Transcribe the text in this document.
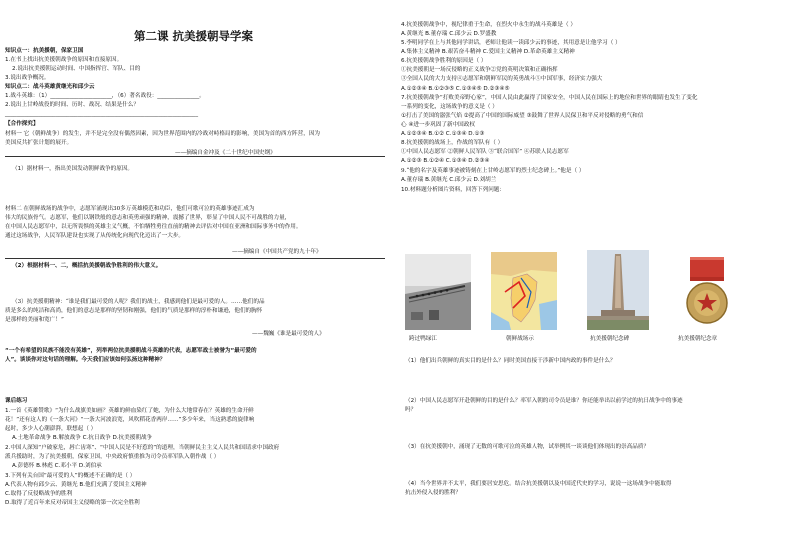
第二课 抗美援朝导学案
知识点一：抗美援朝，保家卫国
1.在书上找出抗美援朝战争的原因和直接原因。
2.说出抗美援朝运动时间、中国指挥官、军队、目的
3.说出战争概况。
知识点二：战斗英雄黄继光和邱少云
1.战斗英雄：（1）______________________，（6）著名战役：_______________。
2.说出上甘岭战役的时间、历时、战况、结果是什么？
_____________________________________________________________________
【合作探究】
材料一 它（朝鲜战争）的发生，并不是完全没有偶然因素，因为世界范围内的冷战对峙格局的影响，美国为首的西方阵营，因为
美国反共扩张计划的展开。
——摘编自金冲及《二十世纪中国史纲》
（1）据材料一，指出美国发动朝鲜战争的原因。
材料二 在朝鲜战场的战争中，志愿军涌现出30多万英雄模范和功臣，他们可歌可泣的英雄事迹汇成为
伟大的民族骨气。志愿军，他们以钢铁般的意志和英勇顽强的精神，震撼了世界，彰显了中国人民不可战胜的力量，
在中国人民志愿军中，以无所畏惧的英雄主义气概，不怕牺牲勇往直前的精神去评估对中国在亚洲和国际事务中的作用。
通过这场战争，人民军队建设也实现了从传统化向现代化迈出了一大步。
——摘编自《中国共产党的九十年》
（2）根据材料一、二，概括抗美援朝战争胜利的伟大意义。
（3）抗美援朝精神：“谁是我们最可爱的人呢？我们的战士，我感到他们是最可爱的人。……他们的品
质是多么的纯洁和高尚，他们的意志是那样的坚韧和刚强，他们的气质是那样的淳朴和谦逊，他们的胸怀
是那样的美丽和宽广！”
——魏巍《谁是最可爱的人》
“一个有希望的民族不能没有英雄”，列举两位抗美援朝战斗英雄的代表，志愿军战士被誉为“最可爱的
人”。谈谈你对这句话的理解。今天我们应该如何弘扬这种精神？
课后练习
1.一首《英雄赞歌》“为什么战旗美如画？英雄的鲜血染红了她，为什么大地常春在？英雄的生命开鲜
花！”还有这人的《一条大河》“一条大河波浪宽，风吹稻花香两岸……”多少年来，当这熟悉的旋律响
起时，多少人心潮澎湃，联想起（ ）
A.土地革命战争 B.解放战争 C.抗日战争 D.抗美援朝战争
2.中国人深知“户破家危，唇亡齿寒”、“中国人民是不好惹的”的道理，当朝鲜民主主义人民共和国请求中国政府
派兵援助时，为了抗美援朝，保家卫国，中央政府慎重推为司令员率军队入朝作战（ ）
A.彭德怀 B.林彪 C.邓小平 D.刘伯承
3.下列有关台国“最可爱的人”的概述不正确的是（ ）
A.代表人物有邱少云、黄继光 B.他们充满了爱国主义精神
C.取得了反侵略战争的胜利
D.取得了近百年来反对帝国主义侵略的第一次完全胜利
跨过鸭绿江	朝鲜战场示	抗美援朝纪念碑	抗美援朝纪念章
4.抗美援朝战争中，视纪律重于生命，在烈火中永生的战斗英雄是（ ）
A.黄继光 B.董存瑞 C.邱少云 D.罗盛教
5.李明同学在上与其他同学讲话，老师让他读一读邱少云的事迹，其用意是让他学习（ ）
A.集体主义精神 B.艰苦奋斗精神 C.爱国主义精神 D.革命英雄主义精神
6.抗美援朝战争胜利的原因是（ ）
①抗美援朝是一场反侵略的正义战争②党的英明决策和正确指挥
③全国人民的大力支持④志愿军和朝鲜军民的英勇战斗⑤中国军事，经济实力强大
A.①②③④ B.①②③⑤ C.①③④⑤ D.②③④⑤
7.抗美援朝战争“打败美帝野心家”，中国人民由此赢得了国家安全，中国人民在国际上的地位和世界的眼睛也发生了变化
一系列的变化，这场战争的意义是（ ）
①打击了美国的嚣张气焰 ②提高了中国的国际威望 ③鼓舞了世界人民保卫和平反对侵略的勇气和信
心 ④进一步巩固了新中国政权
A.①②③④ B.①② C.①③④ D.①③
8.抗美援朝的战场上，作战的军队有（ ）
①中国人民志愿军 ②朝鲜人民军队 ③“联合国军” ④苏联人民志愿军
A.①②③ B.①②④ C.①③④ D.②③④
9.“他的名字及英雄事迹被铸刻在上甘岭志愿军的烈士纪念碑上。”他是（ ）
A.董存瑞 B.黄继光 C.邱少云 D.刘胡兰
10.材料题分析图片资料，回答下列问题：
（1）他们出兵朝鲜的真实目的是什么？同时美国直接干涉新中国内政的事件是什么？
（2）中国人民志愿军开赴朝鲜的目的是什么？率军入朝的司令员是谁？你还能举出以前学过的抗日战争中的事迹
吗？
（3）在抗美援朝中，涌现了无数的可歌可泣的英雄人物，试举例其一谈谈他们体现出的崇高品质？
（4）当今世界并不太平，我们要居安思危。结合抗美援朝以及中国近代史的学习，说说一这场战争中能取得
抗击外侵入侵的胜利？
